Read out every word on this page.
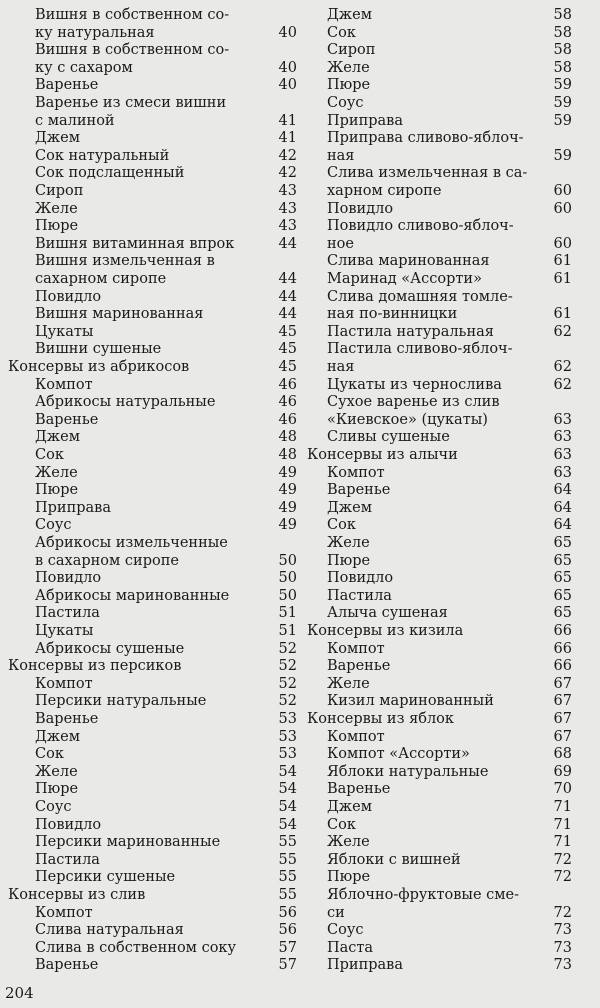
Вишня в собственном со-
ку натуральная	40
Вишня в собственном со-
ку с сахаром	40
Варенье	40
Варенье из смеси вишни
с малиной	41
Джем	41
Сок натуральный	42
Сок подслащенный	42
Сироп	43
Желе	43
Пюре	43
Вишня витаминная впрок	44
Вишня измельченная в
сахарном сиропе	44
Повидло	44
Вишня маринованная	44
Цукаты	45
Вишни сушеные	45
Консервы из абрикосов	45
Компот	46
Абрикосы натуральные	46
Варенье	46
Джем	48
Сок	48
Желе	49
Пюре	49
Приправа	49
Соус	49
Абрикосы измельченные
в сахарном сиропе	50
Повидло	50
Абрикосы маринованные	50
Пастила	51
Цукаты	51
Абрикосы сушеные	52
Консервы из персиков	52
Компот	52
Персики натуральные	52
Варенье	53
Джем	53
Сок	53
Желе	54
Пюре	54
Соус	54
Повидло	54
Персики маринованные	55
Пастила	55
Персики сушеные	55
Консервы из слив	55
Компот	56
Слива натуральная	56
Слива в собственном соку	57
Варенье	57
Джем	58
Сок	58
Сироп	58
Желе	58
Пюре	59
Соус	59
Приправа	59
Приправа сливово-яблоч-
ная	59
Слива измельченная в са-
харном сиропе	60
Повидло	60
Повидло сливово-яблоч-
ное	60
Слива маринованная	61
Маринад «Ассорти»	61
Слива домашняя томле-
ная по-винницки	61
Пастила натуральная	62
Пастила сливово-яблоч-
ная	62
Цукаты из чернослива	62
Сухое варенье из слив
«Киевское» (цукаты)	63
Сливы сушеные	63
Консервы из алычи	63
Компот	63
Варенье	64
Джем	64
Сок	64
Желе	65
Пюре	65
Повидло	65
Пастила	65
Алыча сушеная	65
Консервы из кизила	66
Компот	66
Варенье	66
Желе	67
Кизил маринованный	67
Консервы из яблок	67
Компот	67
Компот «Ассорти»	68
Яблоки натуральные	69
Варенье	70
Джем	71
Сок	71
Желе	71
Яблоки с вишней	72
Пюре	72
Яблочно-фруктовые сме-
си	72
Соус	73
Паста	73
Приправа	73
204
